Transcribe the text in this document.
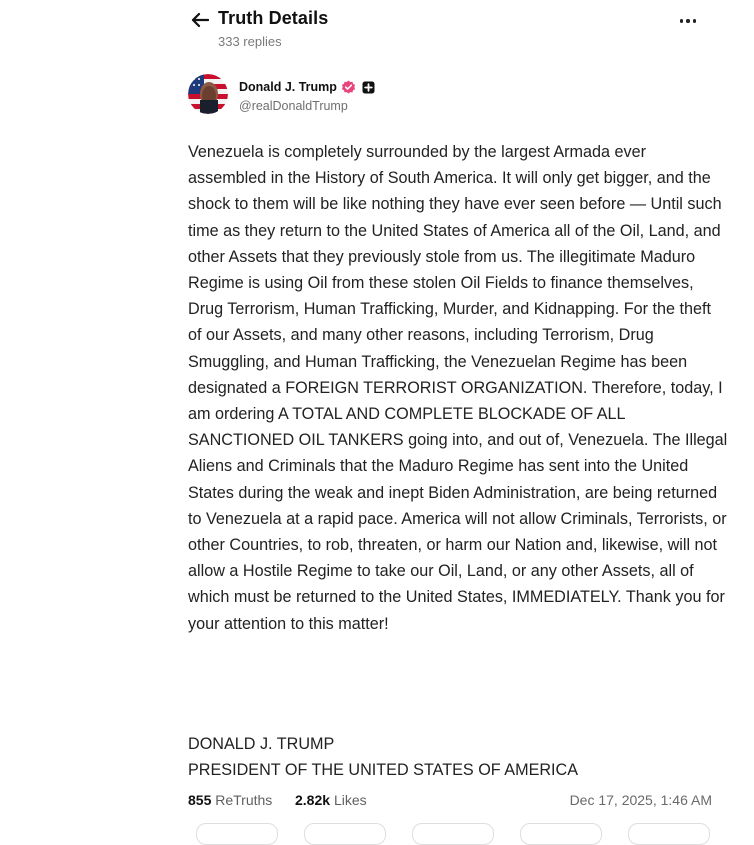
Truth Details
333 replies
Donald J. Trump
@realDonaldTrump

Venezuela is completely surrounded by the largest Armada ever assembled in the History of South America. It will only get bigger, and the shock to them will be like nothing they have ever seen before — Until such time as they return to the United States of America all of the Oil, Land, and other Assets that they previously stole from us. The illegitimate Maduro Regime is using Oil from these stolen Oil Fields to finance themselves, Drug Terrorism, Human Trafficking, Murder, and Kidnapping. For the theft of our Assets, and many other reasons, including Terrorism, Drug Smuggling, and Human Trafficking, the Venezuelan Regime has been designated a FOREIGN TERRORIST ORGANIZATION. Therefore, today, I am ordering A TOTAL AND COMPLETE BLOCKADE OF ALL SANCTIONED OIL TANKERS going into, and out of, Venezuela. The Illegal Aliens and Criminals that the Maduro Regime has sent into the United States during the weak and inept Biden Administration, are being returned to Venezuela at a rapid pace. America will not allow Criminals, Terrorists, or other Countries, to rob, threaten, or harm our Nation and, likewise, will not allow a Hostile Regime to take our Oil, Land, or any other Assets, all of which must be returned to the United States, IMMEDIATELY. Thank you for your attention to this matter!

DONALD J. TRUMP
PRESIDENT OF THE UNITED STATES OF AMERICA
855 ReTruths 2.82k Likes	Dec 17, 2025, 1:46 AM
